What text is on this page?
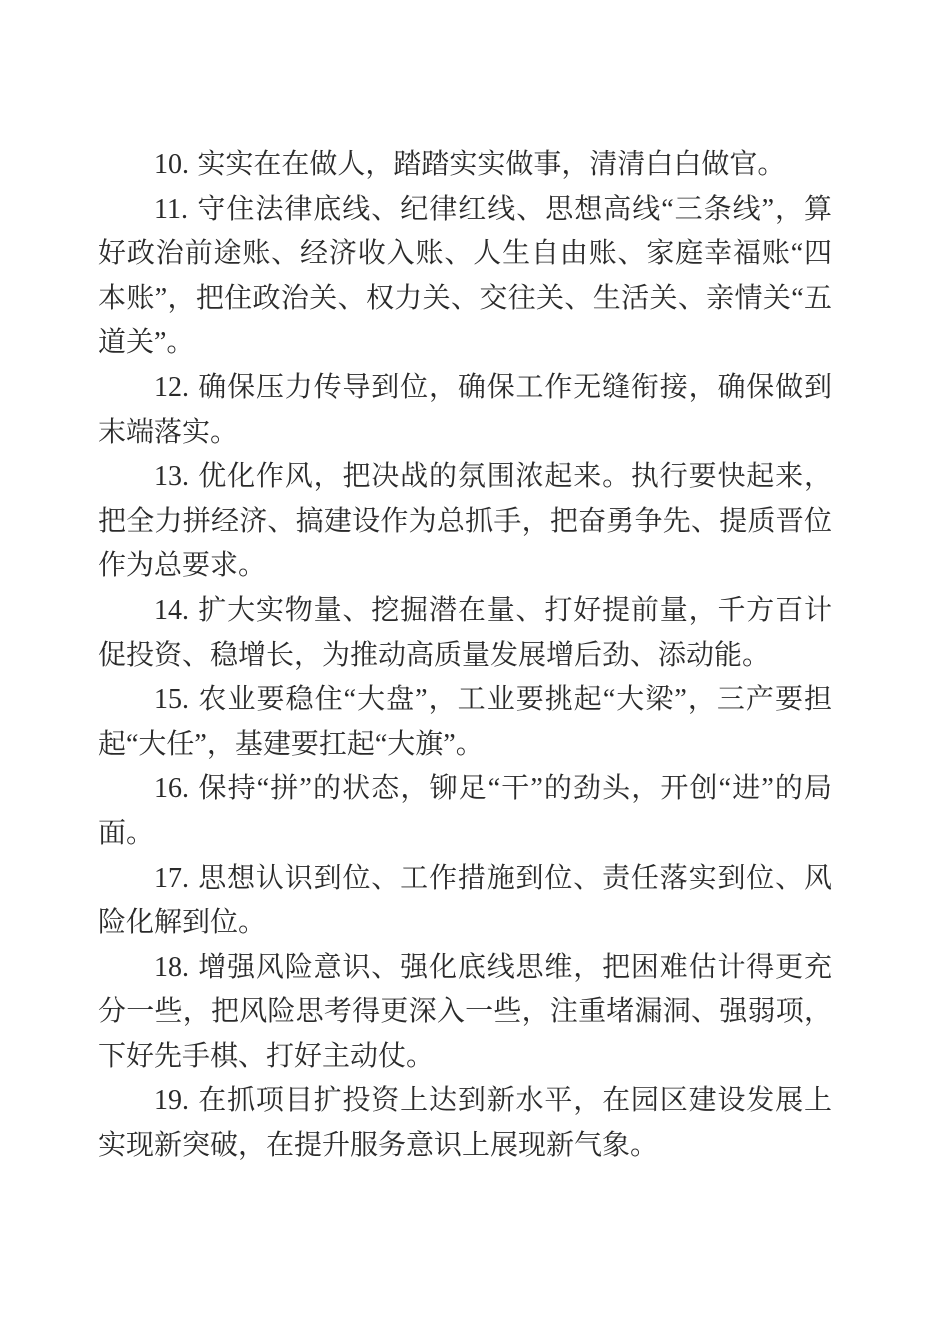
10. 实实在在做人，踏踏实实做事，清清白白做官。

11. 守住法律底线、纪律红线、思想高线“三条线”，算好政治前途账、经济收入账、人生自由账、家庭幸福账“四本账”，把住政治关、权力关、交往关、生活关、亲情关“五道关”。

12. 确保压力传导到位，确保工作无缝衔接，确保做到末端落实。

13. 优化作风，把决战的氛围浓起来。执行要快起来，把全力拼经济、搞建设作为总抓手，把奋勇争先、提质晋位作为总要求。

14. 扩大实物量、挖掘潜在量、打好提前量，千方百计促投资、稳增长，为推动高质量发展增后劲、添动能。

15. 农业要稳住“大盘”，工业要挑起“大梁”，三产要担起“大任”，基建要扛起“大旗”。

16. 保持“拼”的状态，铆足“干”的劲头，开创“进”的局面。

17. 思想认识到位、工作措施到位、责任落实到位、风险化解到位。

18. 增强风险意识、强化底线思维，把困难估计得更充分一些，把风险思考得更深入一些，注重堵漏洞、强弱项，下好先手棋、打好主动仗。

19. 在抓项目扩投资上达到新水平，在园区建设发展上实现新突破，在提升服务意识上展现新气象。
